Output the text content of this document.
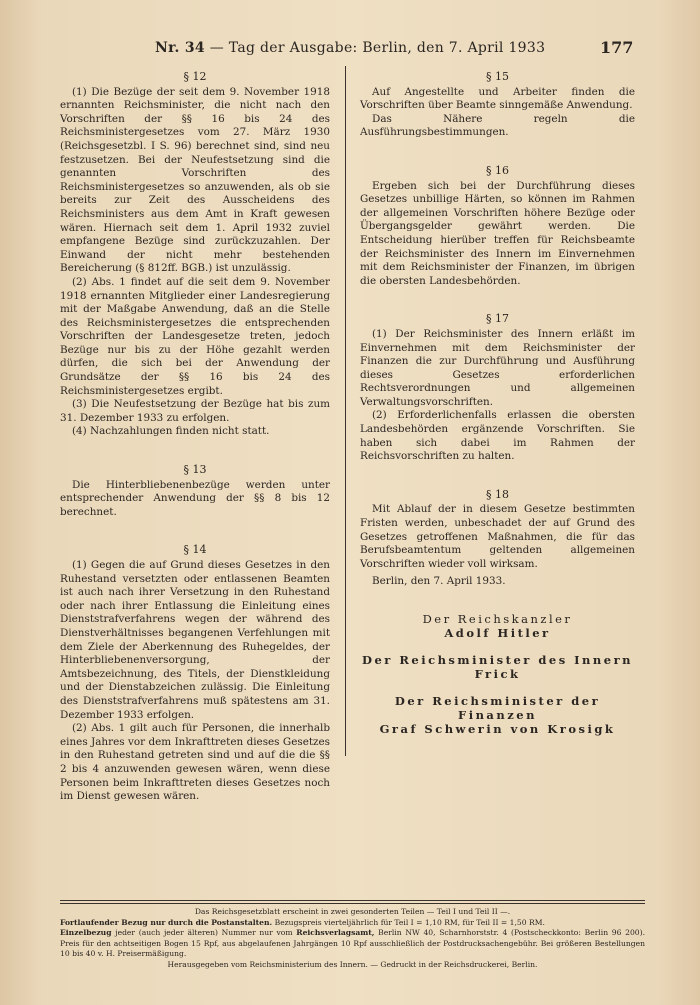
Nr. 34 — Tag der Ausgabe: Berlin, den 7. April 1933	177
§ 12

(1) Die Bezüge der seit dem 9. November 1918 ernannten Reichsminister, die nicht nach den Vorschriften der §§ 16 bis 24 des Reichsministergesetzes vom 27. März 1930 (Reichsgesetzbl. I S. 96) berechnet sind, sind neu festzusetzen. Bei der Neufestsetzung sind die genannten Vorschriften des Reichsministergesetzes so anzuwenden, als ob sie bereits zur Zeit des Ausscheidens des Reichsministers aus dem Amt in Kraft gewesen wären. Hiernach seit dem 1. April 1932 zuviel empfangene Bezüge sind zurückzuzahlen. Der Einwand der nicht mehr bestehenden Bereicherung (§ 812ff. BGB.) ist unzulässig.

(2) Abs. 1 findet auf die seit dem 9. November 1918 ernannten Mitglieder einer Landesregierung mit der Maßgabe Anwendung, daß an die Stelle des Reichsministergesetzes die entsprechenden Vorschriften der Landesgesetze treten, jedoch Bezüge nur bis zu der Höhe gezahlt werden dürfen, die sich bei der Anwendung der Grundsätze der §§ 16 bis 24 des Reichsministergesetzes ergibt.

(3) Die Neufestsetzung der Bezüge hat bis zum 31. Dezember 1933 zu erfolgen.

(4) Nachzahlungen finden nicht statt.

§ 13

Die Hinterbliebenenbezüge werden unter entsprechender Anwendung der §§ 8 bis 12 berechnet.

§ 14

(1) Gegen die auf Grund dieses Gesetzes in den Ruhestand versetzten oder entlassenen Beamten ist auch nach ihrer Versetzung in den Ruhestand oder nach ihrer Entlassung die Einleitung eines Dienststrafverfahrens wegen der während des Dienstverhältnisses begangenen Verfehlungen mit dem Ziele der Aberkennung des Ruhegeldes, der Hinterbliebenenversorgung, der Amtsbezeichnung, des Titels, der Dienstkleidung und der Dienstabzeichen zulässig. Die Einleitung des Dienststrafverfahrens muß spätestens am 31. Dezember 1933 erfolgen.

(2) Abs. 1 gilt auch für Personen, die innerhalb eines Jahres vor dem Inkrafttreten dieses Gesetzes in den Ruhestand getreten sind und auf die die §§ 2 bis 4 anzuwenden gewesen wären, wenn diese Personen beim Inkrafttreten dieses Gesetzes noch im Dienst gewesen wären.

§ 15

Auf Angestellte und Arbeiter finden die Vorschriften über Beamte sinngemäße Anwendung.

Das Nähere regeln die Ausführungsbestimmungen.

§ 16

Ergeben sich bei der Durchführung dieses Gesetzes unbillige Härten, so können im Rahmen der allgemeinen Vorschriften höhere Bezüge oder Übergangsgelder gewährt werden. Die Entscheidung hierüber treffen für Reichsbeamte der Reichsminister des Innern im Einvernehmen mit dem Reichsminister der Finanzen, im übrigen die obersten Landesbehörden.

§ 17

(1) Der Reichsminister des Innern erläßt im Einvernehmen mit dem Reichsminister der Finanzen die zur Durchführung und Ausführung dieses Gesetzes erforderlichen Rechtsverordnungen und allgemeinen Verwaltungsvorschriften.

(2) Erforderlichenfalls erlassen die obersten Landesbehörden ergänzende Vorschriften. Sie haben sich dabei im Rahmen der Reichsvorschriften zu halten.

§ 18

Mit Ablauf der in diesem Gesetze bestimmten Fristen werden, unbeschadet der auf Grund des Gesetzes getroffenen Maßnahmen, die für das Berufsbeamtentum geltenden allgemeinen Vorschriften wieder voll wirksam.

Berlin, den 7. April 1933.

Der Reichskanzler

Adolf Hitler

Der Reichsminister des Innern

Frick

Der Reichsminister der Finanzen

Graf Schwerin von Krosigk

Das Reichsgesetzblatt erscheint in zwei gesonderten Teilen — Teil I und Teil II —.

Fortlaufender Bezug nur durch die Postanstalten. Bezugspreis vierteljährlich für Teil I = 1,10 RM, für Teil II = 1,50 RM.

Einzelbezug jeder (auch jeder älteren) Nummer nur vom Reichsverlagsamt, Berlin NW 40, Scharnhorststr. 4 (Postscheckkonto: Berlin 96 200). Preis für den achtseitigen Bogen 15 Rpf, aus abgelaufenen Jahrgängen 10 Rpf ausschließlich der Postdrucksachengebühr. Bei größeren Bestellungen 10 bis 40 v. H. Preisermäßigung.

Herausgegeben vom Reichsministerium des Innern. — Gedruckt in der Reichsdruckerei, Berlin.
